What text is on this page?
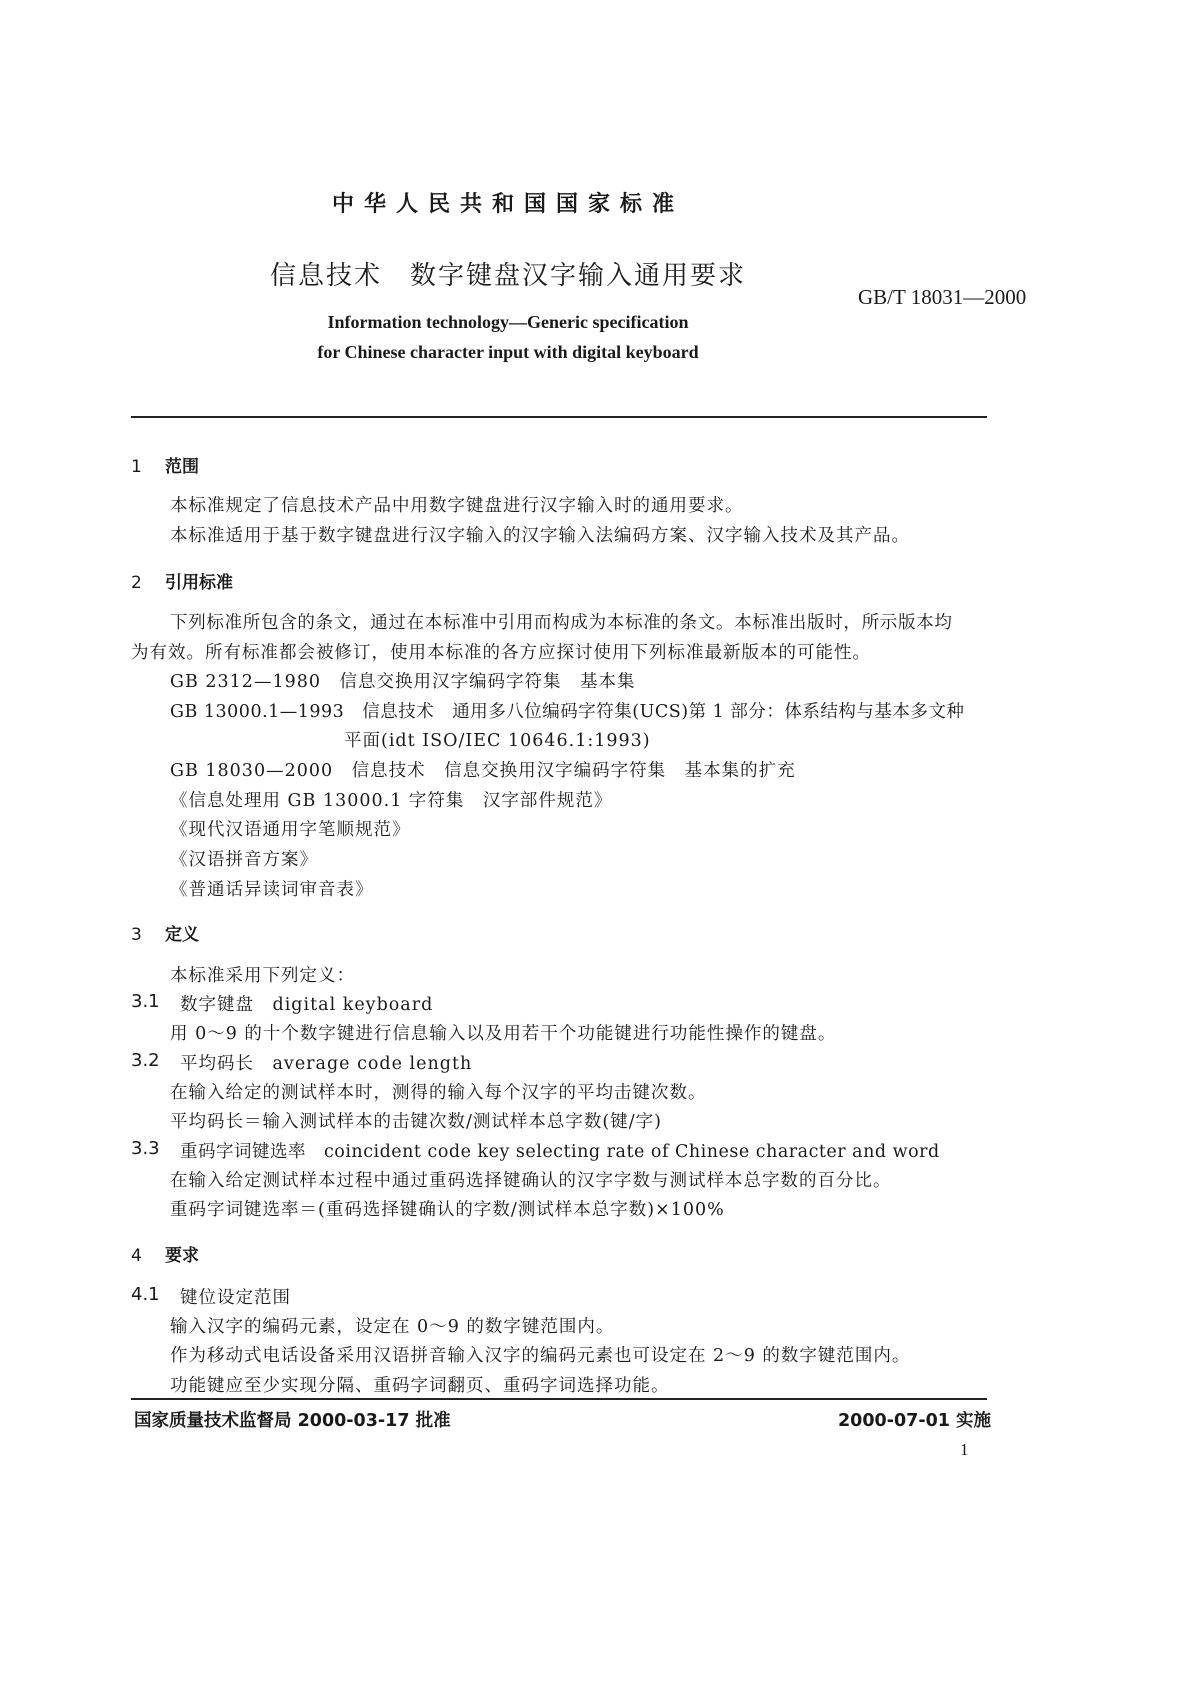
中华人民共和国国家标准
信息技术　数字键盘汉字输入通用要求
GB/T 18031—2000
Information technology—Generic specification
for Chinese character input with digital keyboard
1 范围
本标准规定了信息技术产品中用数字键盘进行汉字输入时的通用要求。
本标准适用于基于数字键盘进行汉字输入的汉字输入法编码方案、汉字输入技术及其产品。
2 引用标准
下列标准所包含的条文，通过在本标准中引用而构成为本标准的条文。本标准出版时，所示版本均
为有效。所有标准都会被修订，使用本标准的各方应探讨使用下列标准最新版本的可能性。
GB 2312—1980　信息交换用汉字编码字符集　基本集
GB 13000.1—1993　信息技术　通用多八位编码字符集(UCS)第 1 部分：体系结构与基本多文种
平面(idt ISO/IEC 10646.1:1993)
GB 18030—2000　信息技术　信息交换用汉字编码字符集　基本集的扩充
《信息处理用 GB 13000.1 字符集　汉字部件规范》
《现代汉语通用字笔顺规范》
《汉语拼音方案》
《普通话异读词审音表》
3 定义
本标准采用下列定义：
3.1 数字键盘　digital keyboard
用 0～9 的十个数字键进行信息输入以及用若干个功能键进行功能性操作的键盘。
3.2 平均码长　average code length
在输入给定的测试样本时，测得的输入每个汉字的平均击键次数。
平均码长＝输入测试样本的击键次数/测试样本总字数(键/字)
3.3 重码字词键选率　coincident code key selecting rate of Chinese character and word
在输入给定测试样本过程中通过重码选择键确认的汉字字数与测试样本总字数的百分比。
重码字词键选率＝(重码选择键确认的字数/测试样本总字数)×100%
4 要求
4.1 键位设定范围
输入汉字的编码元素，设定在 0～9 的数字键范围内。
作为移动式电话设备采用汉语拼音输入汉字的编码元素也可设定在 2～9 的数字键范围内。
功能键应至少实现分隔、重码字词翻页、重码字词选择功能。
国家质量技术监督局 2000-03-17 批准	2000-07-01 实施
1
